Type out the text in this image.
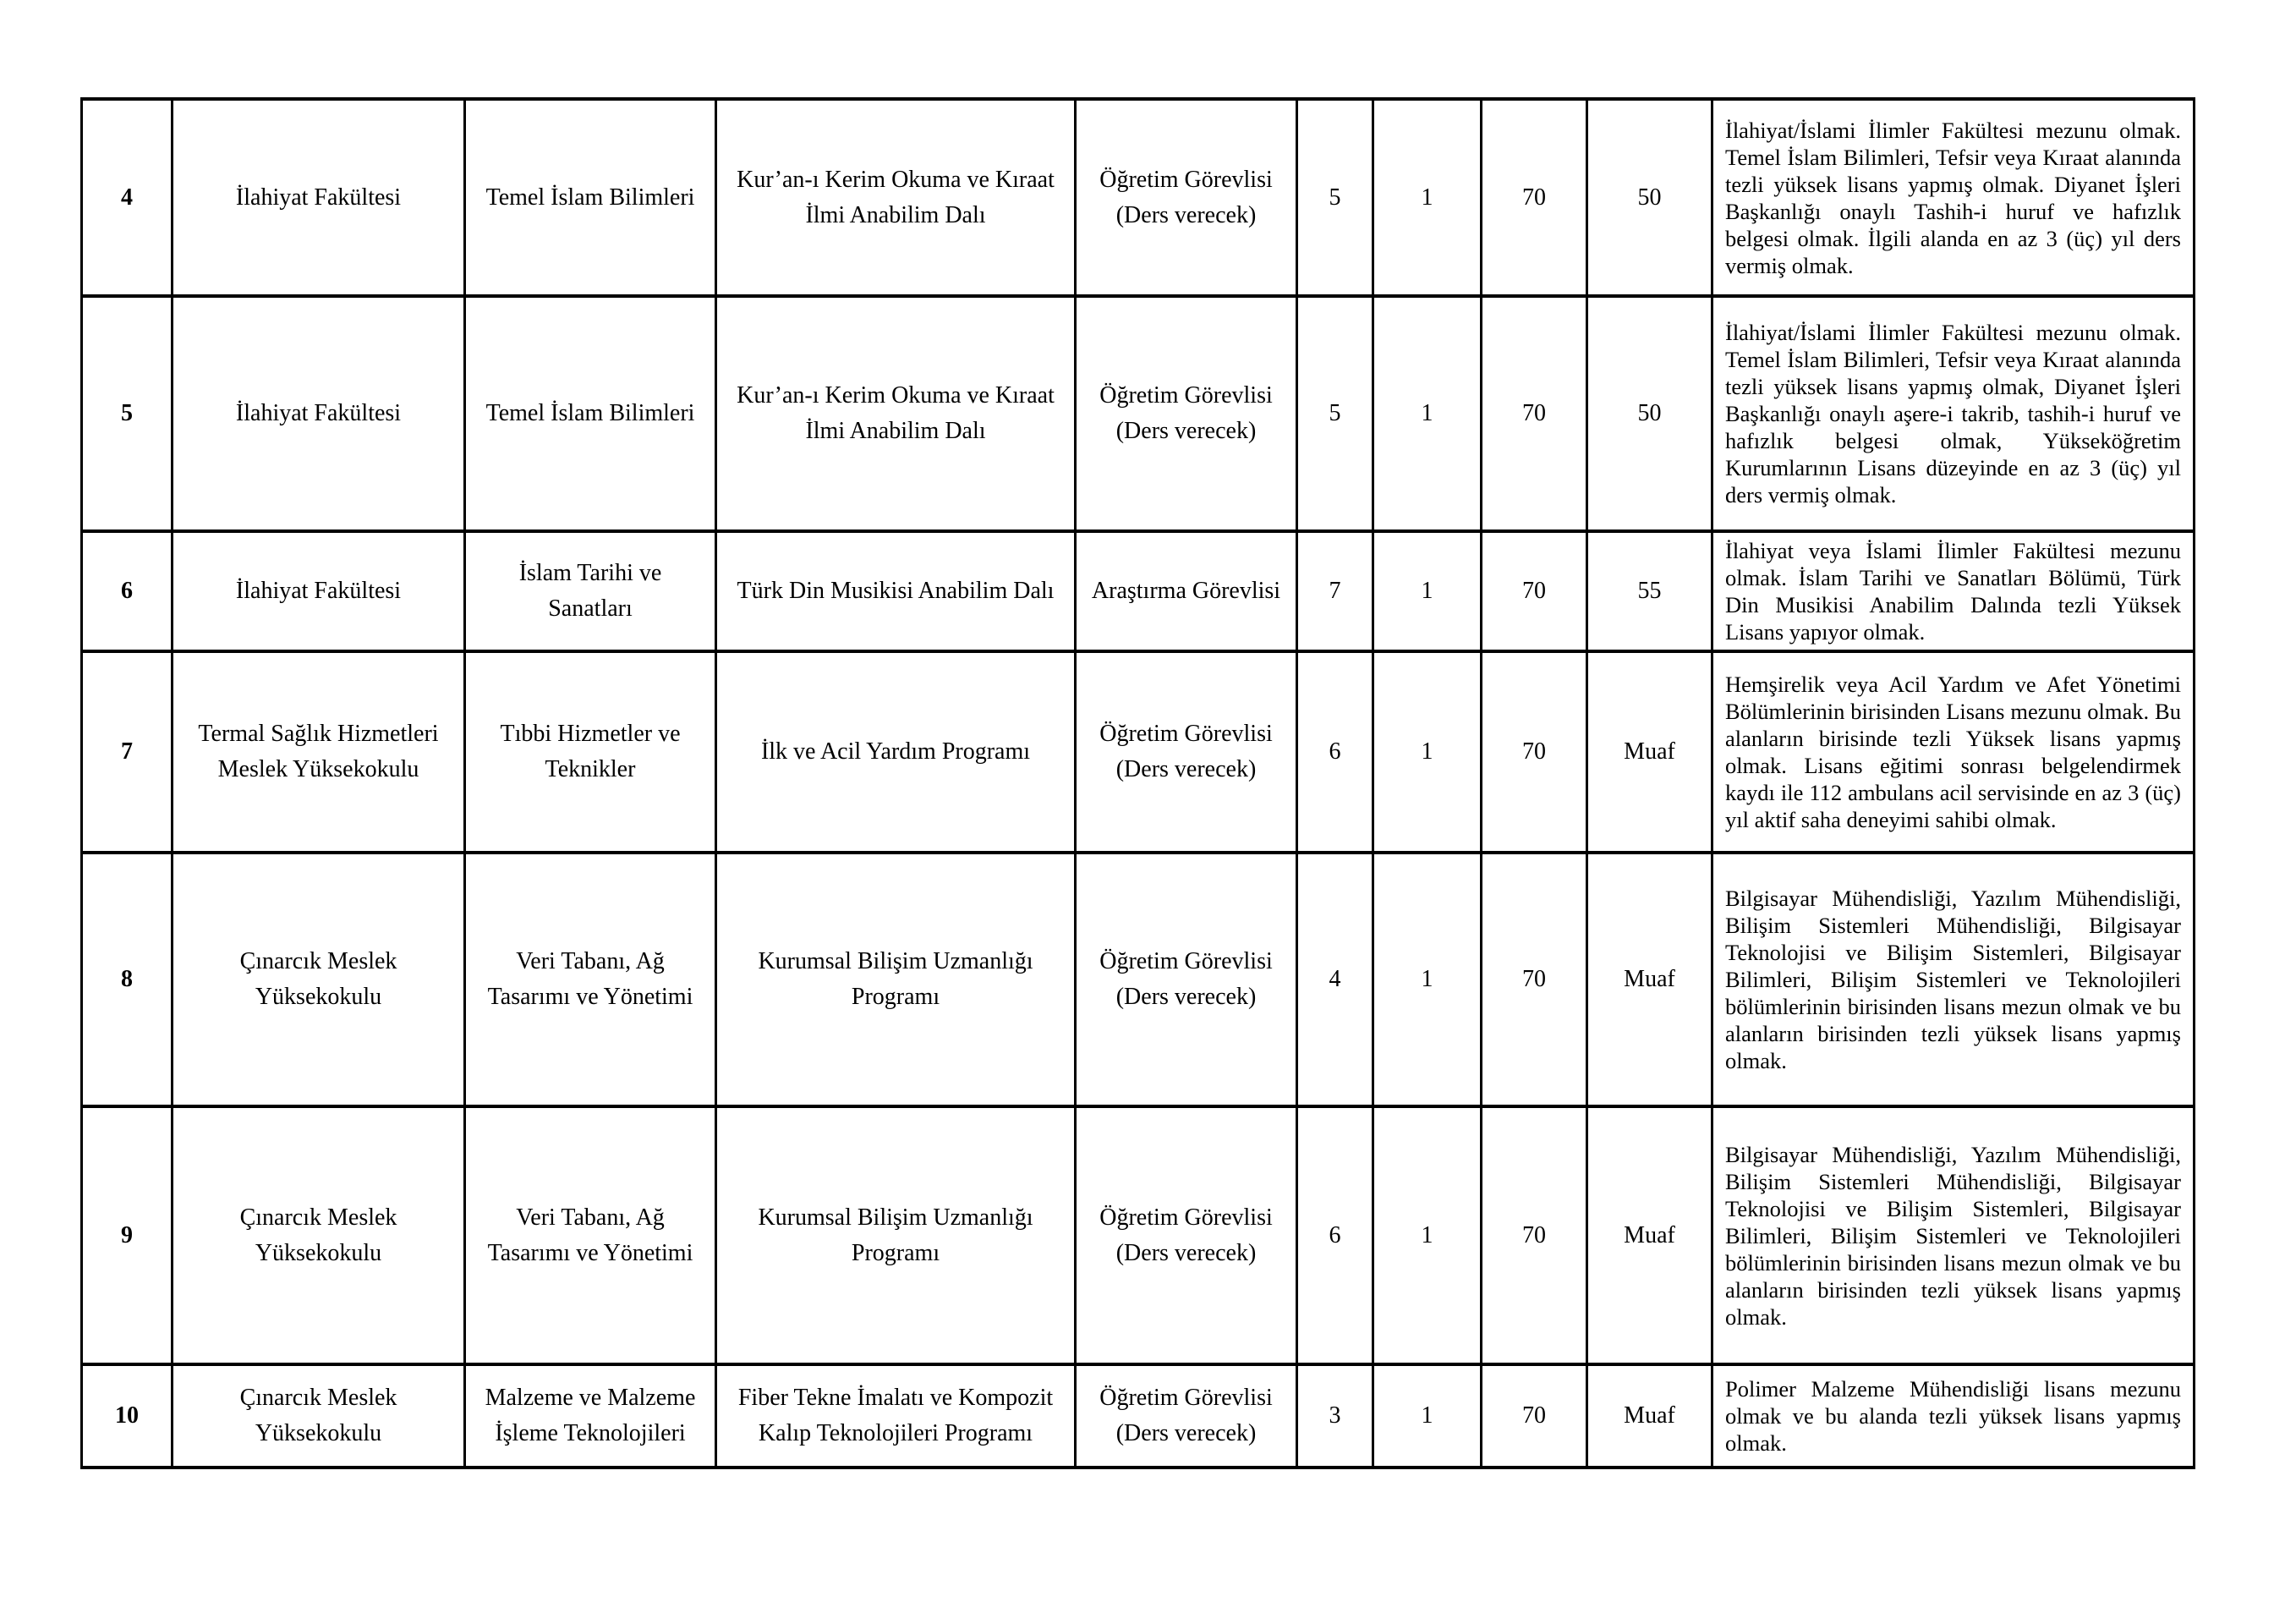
4	İlahiyat Fakültesi	Temel İslam Bilimleri	Kur’an-ı Kerim Okuma ve Kıraat İlmi Anabilim Dalı	Öğretim Görevlisi (Ders verecek)	5	1	70	50	İlahiyat/İslami İlimler Fakültesi mezunu olmak. Temel İslam Bilimleri, Tefsir veya Kıraat alanında tezli yüksek lisans yapmış olmak. Diyanet İşleri Başkanlığı onaylı Tashih-i huruf ve hafızlık belgesi olmak. İlgili alanda en az 3 (üç) yıl ders vermiş olmak.
5	İlahiyat Fakültesi	Temel İslam Bilimleri	Kur’an-ı Kerim Okuma ve Kıraat İlmi Anabilim Dalı	Öğretim Görevlisi (Ders verecek)	5	1	70	50	İlahiyat/İslami İlimler Fakültesi mezunu olmak. Temel İslam Bilimleri, Tefsir veya Kıraat alanında tezli yüksek lisans yapmış olmak, Diyanet İşleri Başkanlığı onaylı aşere-i takrib, tashih-i huruf ve hafızlık belgesi olmak, Yükseköğretim Kurumlarının Lisans düzeyinde en az 3 (üç) yıl ders vermiş olmak.
6	İlahiyat Fakültesi	İslam Tarihi ve Sanatları	Türk Din Musikisi Anabilim Dalı	Araştırma Görevlisi	7	1	70	55	İlahiyat veya İslami İlimler Fakültesi mezunu olmak. İslam Tarihi ve Sanatları Bölümü, Türk Din Musikisi Anabilim Dalında tezli Yüksek Lisans yapıyor olmak.
7	Termal Sağlık Hizmetleri Meslek Yüksekokulu	Tıbbi Hizmetler ve Teknikler	İlk ve Acil Yardım Programı	Öğretim Görevlisi (Ders verecek)	6	1	70	Muaf	Hemşirelik veya Acil Yardım ve Afet Yönetimi Bölümlerinin birisinden Lisans mezunu olmak. Bu alanların birisinde tezli Yüksek lisans yapmış olmak. Lisans eğitimi sonrası belgelendirmek kaydı ile 112 ambulans acil servisinde en az 3 (üç) yıl aktif saha deneyimi sahibi olmak.
8	Çınarcık Meslek Yüksekokulu	Veri Tabanı, Ağ Tasarımı ve Yönetimi	Kurumsal Bilişim Uzmanlığı Programı	Öğretim Görevlisi (Ders verecek)	4	1	70	Muaf	Bilgisayar Mühendisliği, Yazılım Mühendisliği, Bilişim Sistemleri Mühendisliği, Bilgisayar Teknolojisi ve Bilişim Sistemleri, Bilgisayar Bilimleri, Bilişim Sistemleri ve Teknolojileri bölümlerinin birisinden lisans mezun olmak ve bu alanların birisinden tezli yüksek lisans yapmış olmak.
9	Çınarcık Meslek Yüksekokulu	Veri Tabanı, Ağ Tasarımı ve Yönetimi	Kurumsal Bilişim Uzmanlığı Programı	Öğretim Görevlisi (Ders verecek)	6	1	70	Muaf	Bilgisayar Mühendisliği, Yazılım Mühendisliği, Bilişim Sistemleri Mühendisliği, Bilgisayar Teknolojisi ve Bilişim Sistemleri, Bilgisayar Bilimleri, Bilişim Sistemleri ve Teknolojileri bölümlerinin birisinden lisans mezun olmak ve bu alanların birisinden tezli yüksek lisans yapmış olmak.
10	Çınarcık Meslek Yüksekokulu	Malzeme ve Malzeme İşleme Teknolojileri	Fiber Tekne İmalatı ve Kompozit Kalıp Teknolojileri Programı	Öğretim Görevlisi (Ders verecek)	3	1	70	Muaf	Polimer Malzeme Mühendisliği lisans mezunu olmak ve bu alanda tezli yüksek lisans yapmış olmak.
